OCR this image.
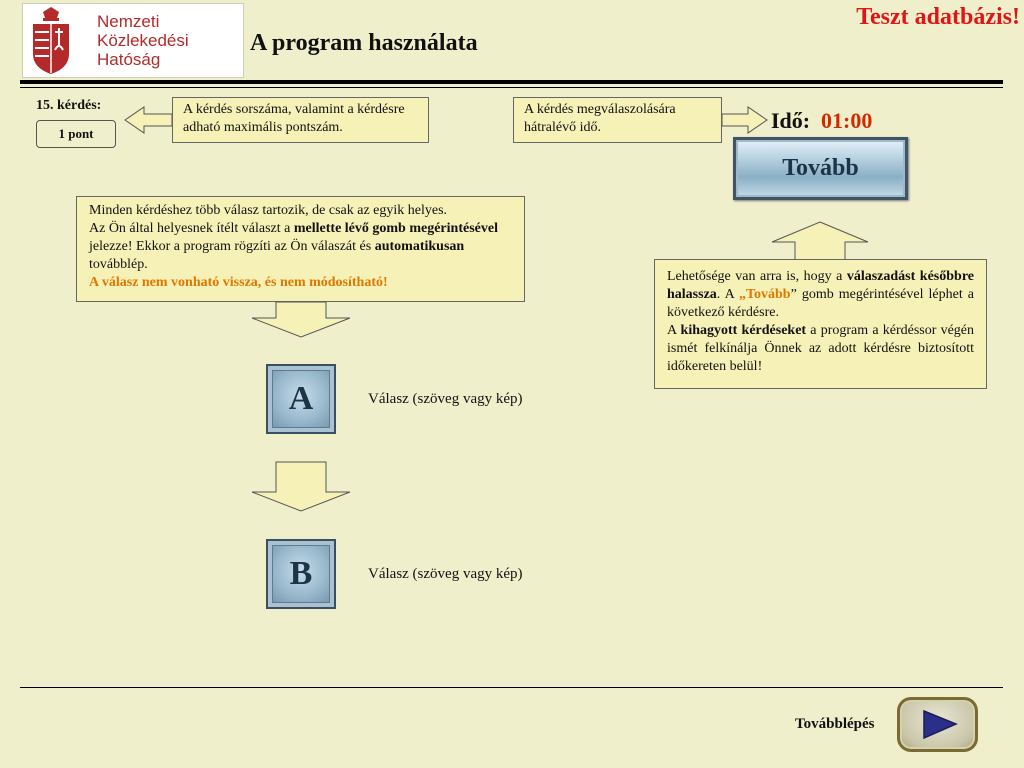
Nemzeti
Közlekedési
Hatóság
A program használata
Teszt adatbázis!
15. kérdés:
1 pont
A kérdés sorszáma, valamint a kérdésre adható maximális pontszám.
A kérdés megválaszolására hátralévő idő.	Idő: 01:00
Tovább
Lehetősége van arra is, hogy a válaszadást későbbre halassza. A „Tovább” gomb megérintésével léphet a következő kérdésre.
A kihagyott kérdéseket a program a kérdéssor végén ismét felkínálja Önnek az adott kérdésre biztosított időkereten belül!
Minden kérdéshez több válasz tartozik, de csak az egyik helyes.
Az Ön által helyesnek ítélt választ a mellette lévő gomb megérintésével jelezze! Ekkor a program rögzíti az Ön válaszát és automatikusan továbblép.
A válasz nem vonható vissza, és nem módosítható!
A	Válasz (szöveg vagy kép)
B	Válasz (szöveg vagy kép)
Továbblépés
